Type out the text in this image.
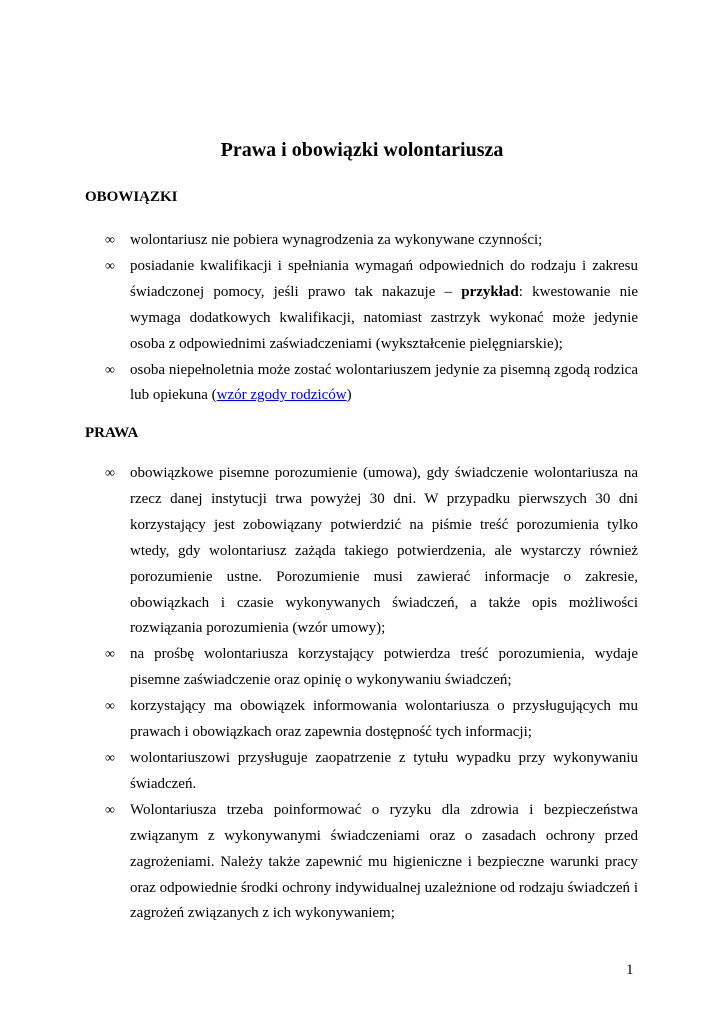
Prawa i obowiązki wolontariusza
OBOWIĄZKI
∞ wolontariusz nie pobiera wynagrodzenia za wykonywane czynności;
∞ posiadanie kwalifikacji i spełniania wymagań odpowiednich do rodzaju i zakresu świadczonej pomocy, jeśli prawo tak nakazuje – przykład: kwestowanie nie wymaga dodatkowych kwalifikacji, natomiast zastrzyk wykonać może jedynie osoba z odpowiednimi zaświadczeniami (wykształcenie pielęgniarskie);
∞ osoba niepełnoletnia może zostać wolontariuszem jedynie za pisemną zgodą rodzica lub opiekuna (wzór zgody rodziców)
PRAWA
∞ obowiązkowe pisemne porozumienie (umowa), gdy świadczenie wolontariusza na rzecz danej instytucji trwa powyżej 30 dni. W przypadku pierwszych 30 dni korzystający jest zobowiązany potwierdzić na piśmie treść porozumienia tylko wtedy, gdy wolontariusz zażąda takiego potwierdzenia, ale wystarczy również porozumienie ustne. Porozumienie musi zawierać informacje o zakresie, obowiązkach i czasie wykonywanych świadczeń, a także opis możliwości rozwiązania porozumienia (wzór umowy);
∞ na prośbę wolontariusza korzystający potwierdza treść porozumienia, wydaje pisemne zaświadczenie oraz opinię o wykonywaniu świadczeń;
∞ korzystający ma obowiązek informowania wolontariusza o przysługujących mu prawach i obowiązkach oraz zapewnia dostępność tych informacji;
∞ wolontariuszowi przysługuje zaopatrzenie z tytułu wypadku przy wykonywaniu świadczeń.
∞ Wolontariusza trzeba poinformować o ryzyku dla zdrowia i bezpieczeństwa związanym z wykonywanymi świadczeniami oraz o zasadach ochrony przed zagrożeniami. Należy także zapewnić mu higieniczne i bezpieczne warunki pracy oraz odpowiednie środki ochrony indywidualnej uzależnione od rodzaju świadczeń i zagrożeń związanych z ich wykonywaniem;
1
